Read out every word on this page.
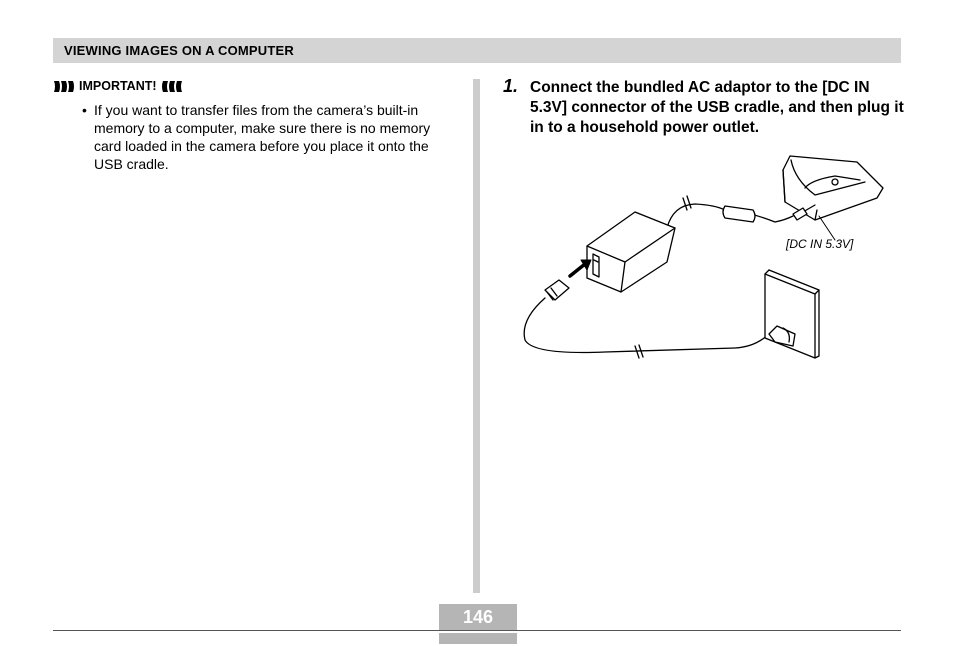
VIEWING IMAGES ON A COMPUTER
IMPORTANT!
• If you want to transfer files from the camera’s built-in memory to a computer, make sure there is no memory card loaded in the camera before you place it onto the USB cradle.
1. Connect the bundled AC adaptor to the [DC IN 5.3V] connector of the USB cradle, and then plug it in to a household power outlet.
[DC IN 5.3V]
146
